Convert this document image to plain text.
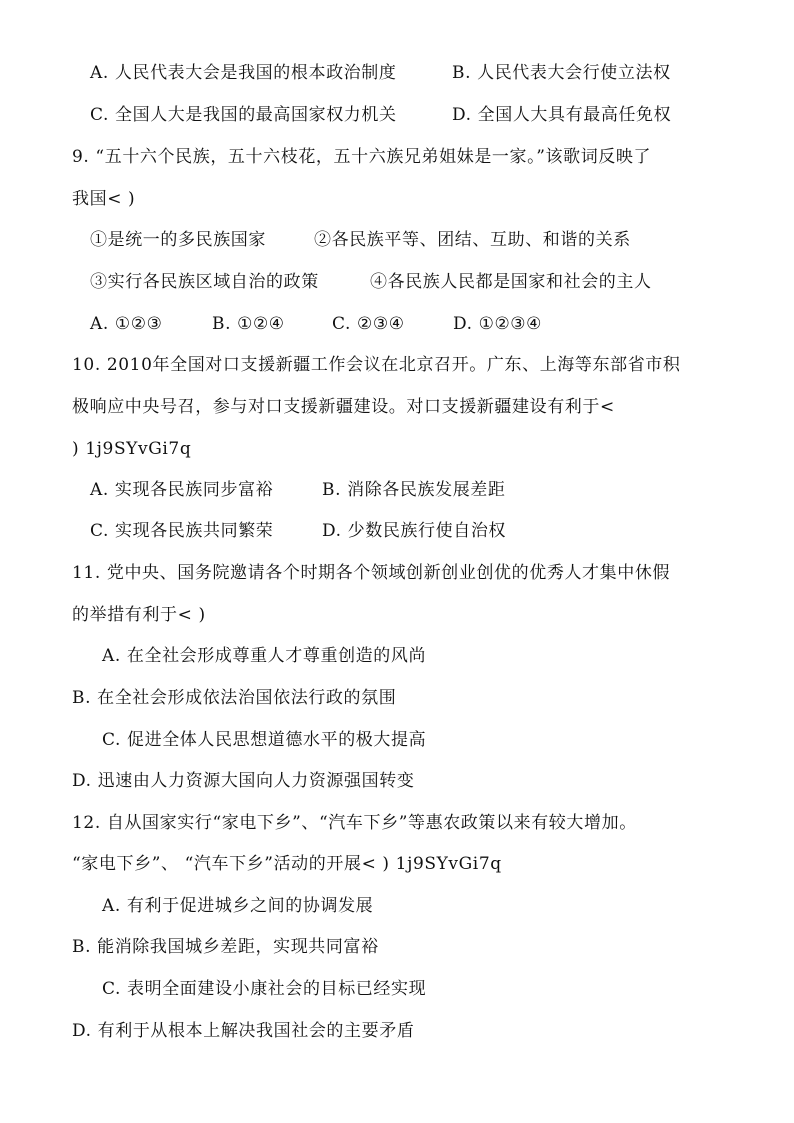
A. 人民代表大会是我国的根本政治制度	B. 人民代表大会行使立法权
C. 全国人大是我国的最高国家权力机关	D. 全国人大具有最高任免权
9. “五十六个民族，五十六枝花，五十六族兄弟姐妹是一家。”该歌词反映了
我国< )
①是统一的多民族国家	②各民族平等、团结、互助、和谐的关系
③实行各民族区域自治的政策	④各民族人民都是国家和社会的主人
A. ①②③	B. ①②④	C. ②③④	D. ①②③④
10. 2010年全国对口支援新疆工作会议在北京召开。广东、上海等东部省市积
极响应中央号召，参与对口支援新疆建设。对口支援新疆建设有利于<
) 1j9SYvGi7q
A. 实现各民族同步富裕	B. 消除各民族发展差距
C. 实现各民族共同繁荣	D. 少数民族行使自治权
11. 党中央、国务院邀请各个时期各个领域创新创业创优的优秀人才集中休假
的举措有利于< )
A. 在全社会形成尊重人才尊重创造的风尚
B. 在全社会形成依法治国依法行政的氛围
C. 促进全体人民思想道德水平的极大提高
D. 迅速由人力资源大国向人力资源强国转变
12. 自从国家实行“家电下乡”、“汽车下乡”等惠农政策以来有较大增加。
“家电下乡”、 “汽车下乡”活动的开展< ) 1j9SYvGi7q
A. 有利于促进城乡之间的协调发展
B. 能消除我国城乡差距，实现共同富裕
C. 表明全面建设小康社会的目标已经实现
D. 有利于从根本上解决我国社会的主要矛盾
